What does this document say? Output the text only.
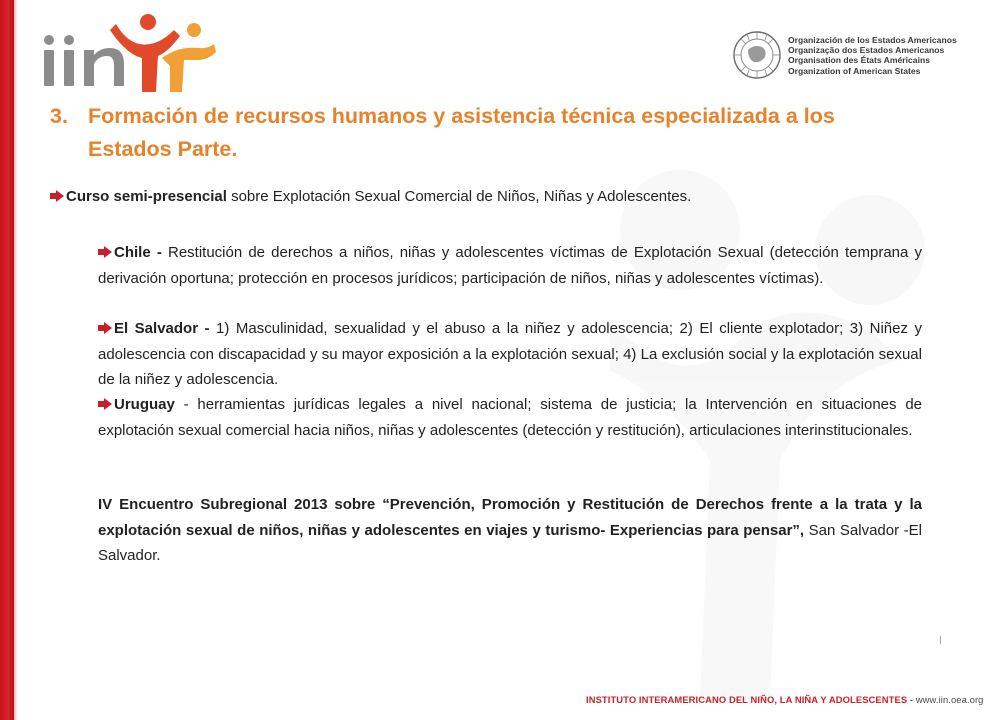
Organización de los Estados Americanos
Organização dos Estados Americanos
Organisation des États Américains
Organization of American States
3. Formación de recursos humanos y asistencia técnica especializada a los Estados Parte.
Curso semi-presencial sobre Explotación Sexual Comercial de Niños, Niñas y Adolescentes.
Chile - Restitución de derechos a niños, niñas y adolescentes víctimas de Explotación Sexual (detección temprana y derivación oportuna; protección en procesos jurídicos; participación de niños, niñas y adolescentes víctimas).
El Salvador - 1) Masculinidad, sexualidad y el abuso a la niñez y adolescencia; 2) El cliente explotador; 3) Niñez y adolescencia con discapacidad y su mayor exposición a la explotación sexual; 4) La exclusión social y la explotación sexual de la niñez y adolescencia.
Uruguay - herramientas jurídicas legales a nivel nacional; sistema de justicia; la Intervención en situaciones de explotación sexual comercial hacia niños, niñas y adolescentes (detección y restitución), articulaciones interinstitucionales.
IV Encuentro Subregional 2013 sobre “Prevención, Promoción y Restitución de Derechos frente a la trata y la explotación sexual de niños, niñas y adolescentes en viajes y turismo- Experiencias para pensar”, San Salvador -El Salvador.
INSTITUTO INTERAMERICANO DEL NIÑO, LA NIÑA Y ADOLESCENTES - www.iin.oea.org
